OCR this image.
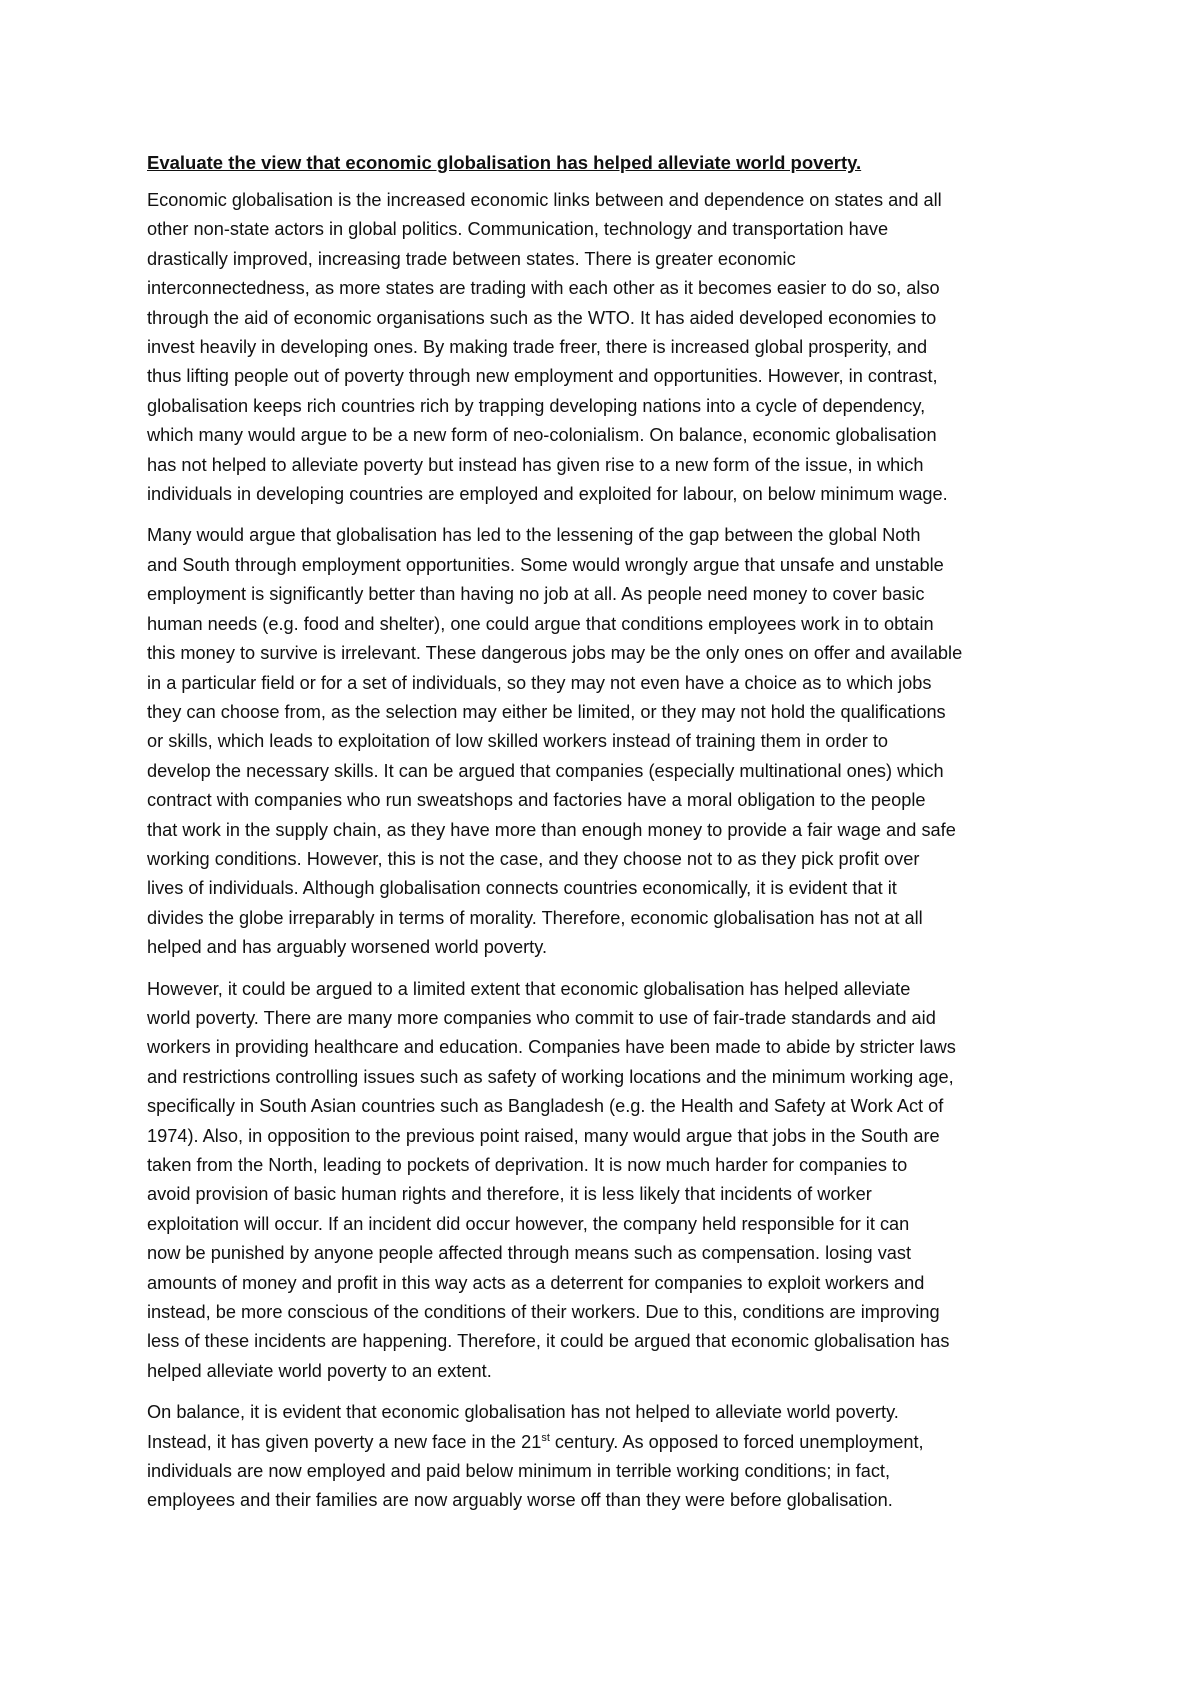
Evaluate the view that economic globalisation has helped alleviate world poverty.

Economic globalisation is the increased economic links between and dependence on states and all
other non-state actors in global politics. Communication, technology and transportation have
drastically improved, increasing trade between states. There is greater economic
interconnectedness, as more states are trading with each other as it becomes easier to do so, also
through the aid of economic organisations such as the WTO. It has aided developed economies to
invest heavily in developing ones. By making trade freer, there is increased global prosperity, and
thus lifting people out of poverty through new employment and opportunities. However, in contrast,
globalisation keeps rich countries rich by trapping developing nations into a cycle of dependency,
which many would argue to be a new form of neo-colonialism. On balance, economic globalisation
has not helped to alleviate poverty but instead has given rise to a new form of the issue, in which
individuals in developing countries are employed and exploited for labour, on below minimum wage.

Many would argue that globalisation has led to the lessening of the gap between the global Noth
and South through employment opportunities. Some would wrongly argue that unsafe and unstable
employment is significantly better than having no job at all. As people need money to cover basic
human needs (e.g. food and shelter), one could argue that conditions employees work in to obtain
this money to survive is irrelevant. These dangerous jobs may be the only ones on offer and available
in a particular field or for a set of individuals, so they may not even have a choice as to which jobs
they can choose from, as the selection may either be limited, or they may not hold the qualifications
or skills, which leads to exploitation of low skilled workers instead of training them in order to
develop the necessary skills. It can be argued that companies (especially multinational ones) which
contract with companies who run sweatshops and factories have a moral obligation to the people
that work in the supply chain, as they have more than enough money to provide a fair wage and safe
working conditions. However, this is not the case, and they choose not to as they pick profit over
lives of individuals. Although globalisation connects countries economically, it is evident that it
divides the globe irreparably in terms of morality. Therefore, economic globalisation has not at all
helped and has arguably worsened world poverty.

However, it could be argued to a limited extent that economic globalisation has helped alleviate
world poverty. There are many more companies who commit to use of fair-trade standards and aid
workers in providing healthcare and education. Companies have been made to abide by stricter laws
and restrictions controlling issues such as safety of working locations and the minimum working age,
specifically in South Asian countries such as Bangladesh (e.g. the Health and Safety at Work Act of
1974). Also, in opposition to the previous point raised, many would argue that jobs in the South are
taken from the North, leading to pockets of deprivation. It is now much harder for companies to
avoid provision of basic human rights and therefore, it is less likely that incidents of worker
exploitation will occur. If an incident did occur however, the company held responsible for it can
now be punished by anyone people affected through means such as compensation. losing vast
amounts of money and profit in this way acts as a deterrent for companies to exploit workers and
instead, be more conscious of the conditions of their workers. Due to this, conditions are improving
less of these incidents are happening. Therefore, it could be argued that economic globalisation has
helped alleviate world poverty to an extent.

On balance, it is evident that economic globalisation has not helped to alleviate world poverty.
Instead, it has given poverty a new face in the 21st century. As opposed to forced unemployment,
individuals are now employed and paid below minimum in terrible working conditions; in fact,
employees and their families are now arguably worse off than they were before globalisation.
